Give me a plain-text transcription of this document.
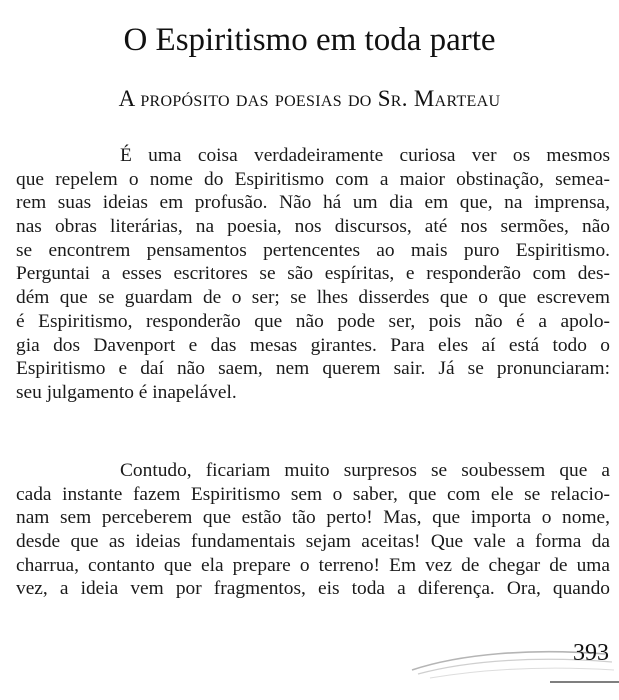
O Espiritismo em toda parte
A propósito das poesias do Sr. Marteau
É uma coisa verdadeiramente curiosa ver os mesmos
que repelem o nome do Espiritismo com a maior obstinação, semea-
rem suas ideias em profusão. Não há um dia em que, na imprensa,
nas obras literárias, na poesia, nos discursos, até nos sermões, não
se encontrem pensamentos pertencentes ao mais puro Espiritismo.
Perguntai a esses escritores se são espíritas, e responderão com des-
dém que se guardam de o ser; se lhes disserdes que o que escrevem
é Espiritismo, responderão que não pode ser, pois não é a apolo-
gia dos Davenport e das mesas girantes. Para eles aí está todo o
Espiritismo e daí não saem, nem querem sair. Já se pronunciaram:
seu julgamento é inapelável.
Contudo, ficariam muito surpresos se soubessem que a
cada instante fazem Espiritismo sem o saber, que com ele se relacio-
nam sem perceberem que estão tão perto! Mas, que importa o nome,
desde que as ideias fundamentais sejam aceitas! Que vale a forma da
charrua, contanto que ela prepare o terreno! Em vez de chegar de uma
vez, a ideia vem por fragmentos, eis toda a diferença. Ora, quando
393
